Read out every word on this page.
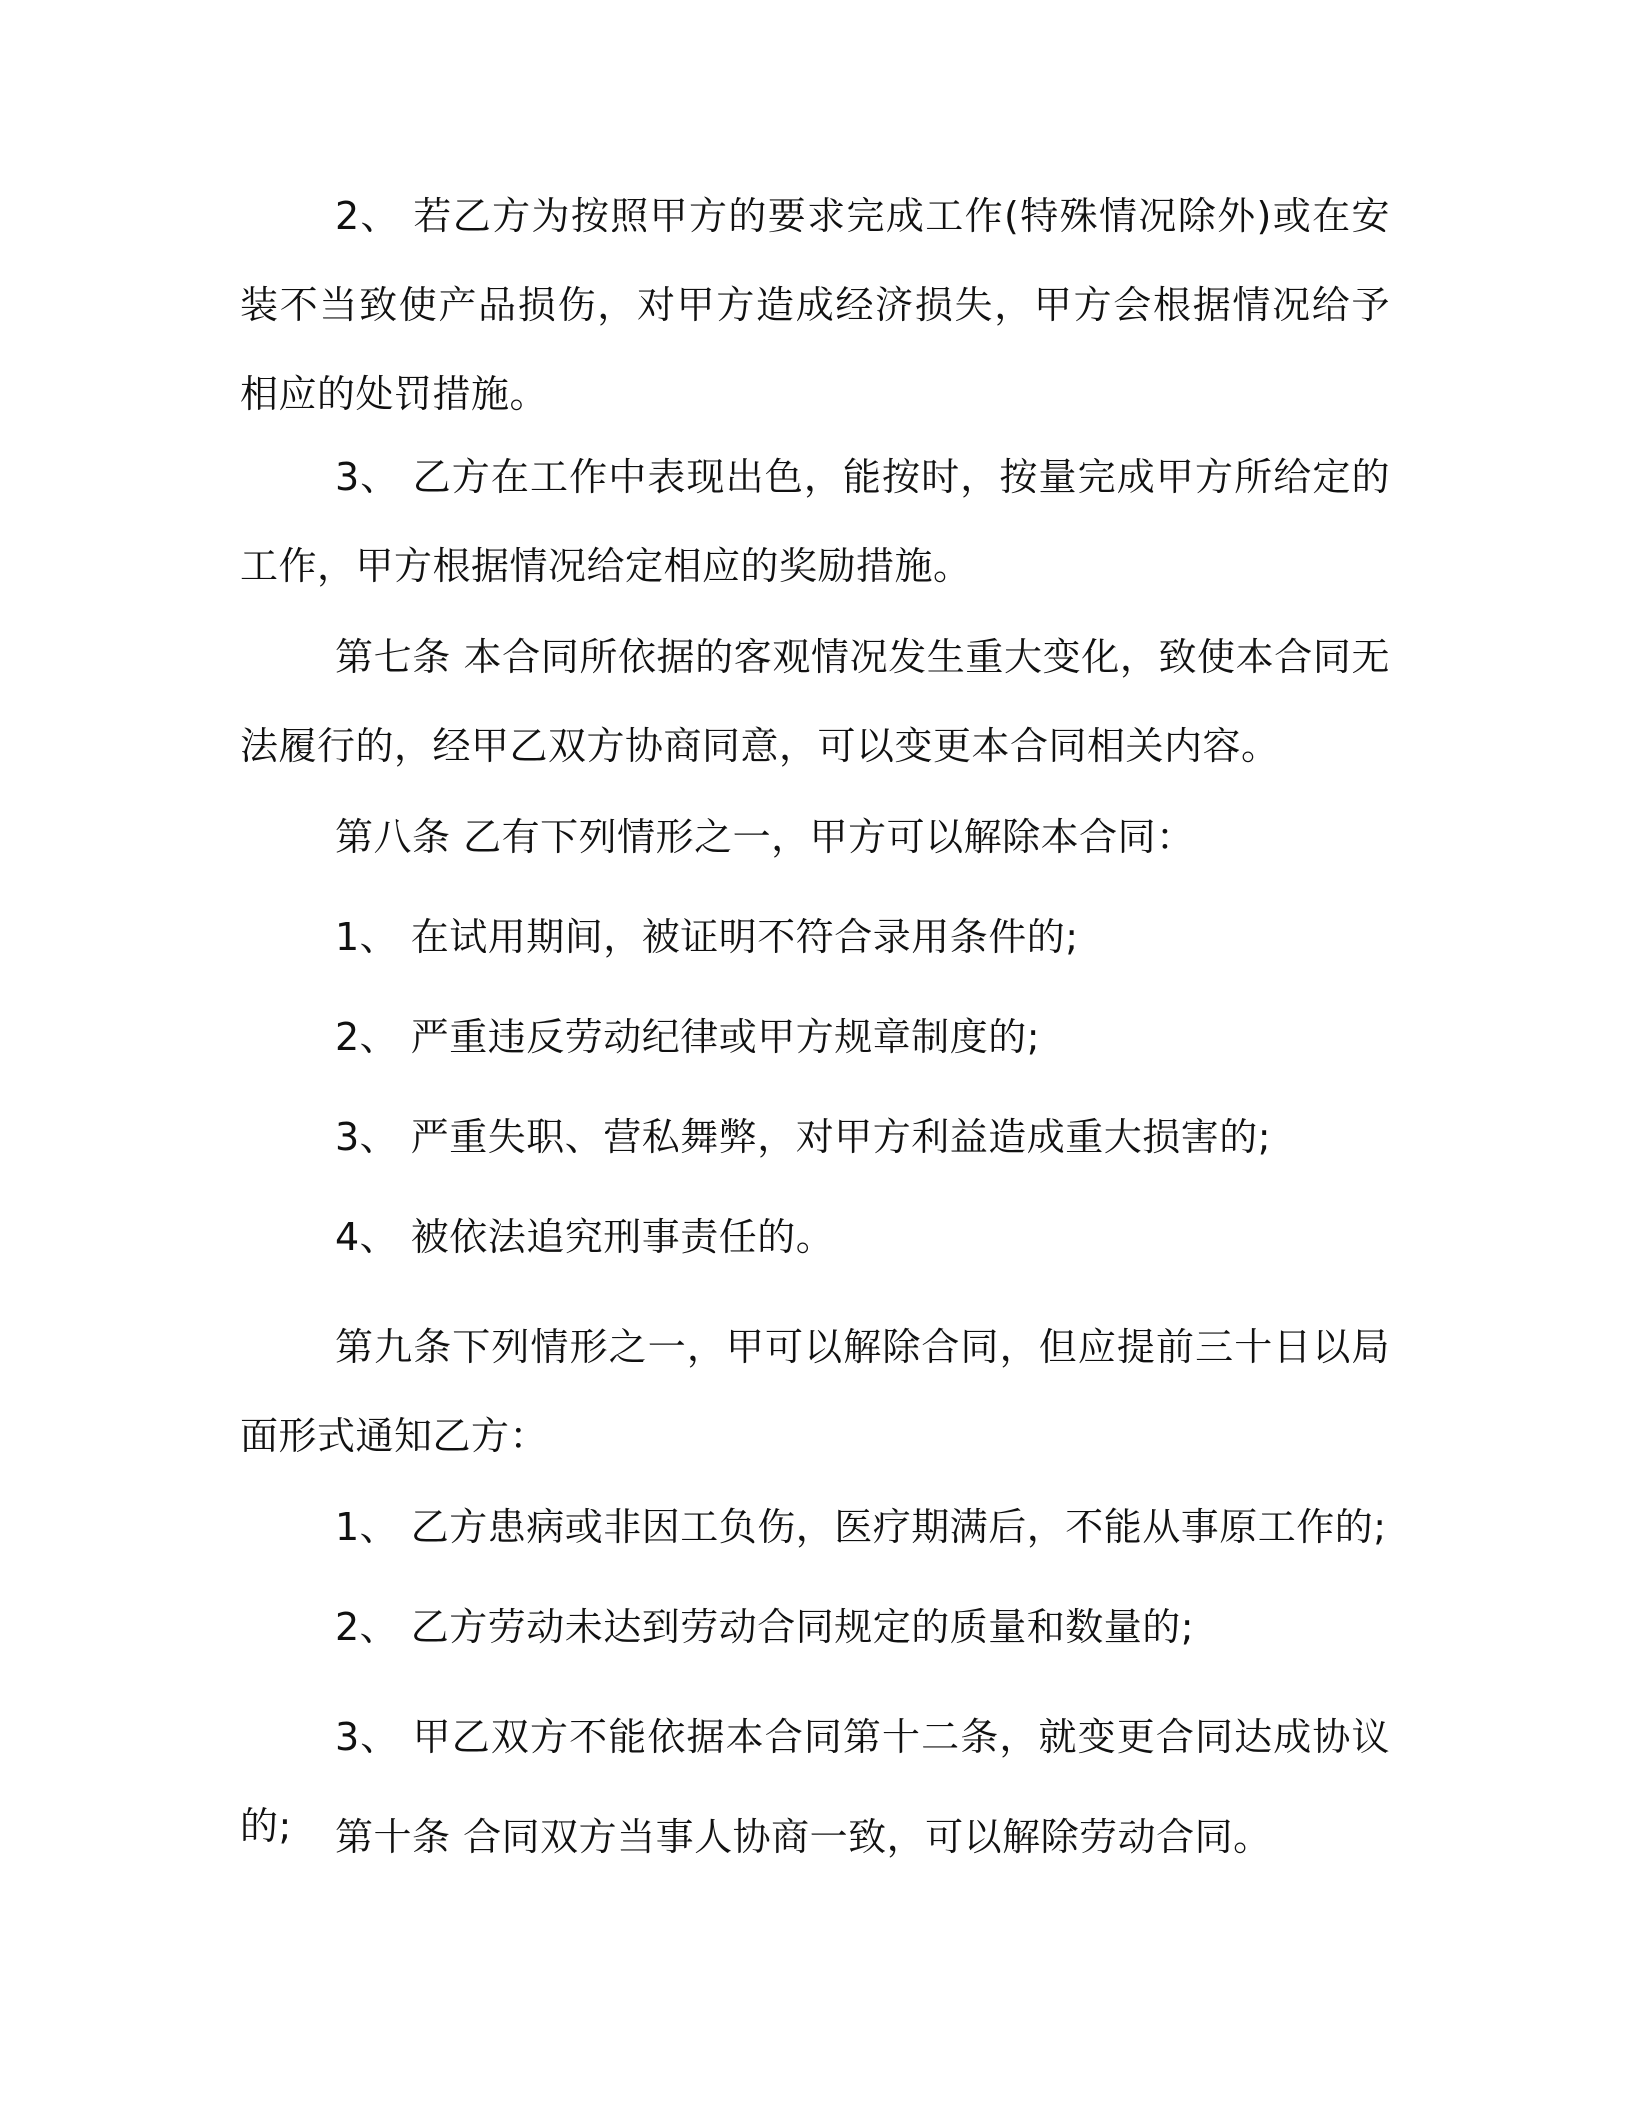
2、 若乙方为按照甲方的要求完成工作(特殊情况除外)或在安装不当致使产品损伤，对甲方造成经济损失，甲方会根据情况给予相应的处罚措施。

3、 乙方在工作中表现出色，能按时，按量完成甲方所给定的工作，甲方根据情况给定相应的奖励措施。

第七条 本合同所依据的客观情况发生重大变化，致使本合同无法履行的，经甲乙双方协商同意，可以变更本合同相关内容。

第八条 乙有下列情形之一，甲方可以解除本合同：

1、 在试用期间，被证明不符合录用条件的;

2、 严重违反劳动纪律或甲方规章制度的;

3、 严重失职、营私舞弊，对甲方利益造成重大损害的;

4、 被依法追究刑事责任的。

第九条下列情形之一，甲可以解除合同，但应提前三十日以局面形式通知乙方：

1、 乙方患病或非因工负伤，医疗期满后，不能从事原工作的;

2、 乙方劳动未达到劳动合同规定的质量和数量的;

3、 甲乙双方不能依据本合同第十二条，就变更合同达成协议的;	第十条 合同双方当事人协商一致，可以解除劳动合同。
